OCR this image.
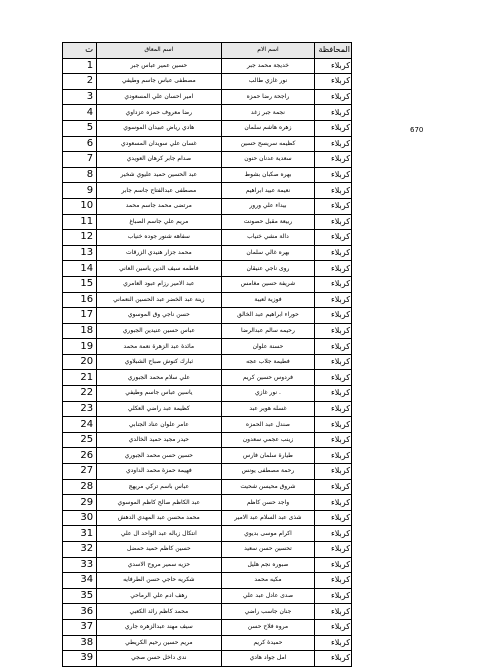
ت	اسم المعاق	اسم الام	المحافظة
1	حسين عمير عباس جبر	خديجة محمد جبر	كربلاء
2	مصطفى عباس جاسم وطيفي	نور غازي طالب	كربلاء
3	امير احسان علي المسعودي	راجحة رضا حمزه	كربلاء
4	رضا معروف حمزه عزداوي	نجمة جبر زغد	كربلاء
5	هادي رياض عبيدان الموسوي	زهره هاشم سلمان	كربلاء
6	غسان علي سويدان المسعودي	كظيمه سريسح حسين	كربلاء
7	صدام جابر كرهان العويدي	سعدية عدنان حنون	كربلاء
8	عبد الحسين حميد عليوي شخير	بهره صكبان بشوط	كربلاء
9	مصطفى عبدالفتاح جاسم جابر	نعيمة عبيد ابراهيم	كربلاء
10	مرتضى محمد جاسم محمد	بيداء علي ورور	كربلاء
11	مريم علي جاسم الصباغ	ربيعة مقبل حصونت	كربلاء
12	سفاهه شنور جوده خنياب	دالة مشي خنياب	كربلاء
13	محمد جزار هنيدي الزرقات	بهره غالي سلمان	كربلاء
14	فاطمه سيف الدين ياسين العاني	روى ناجي عنيقان	كربلاء
15	عبد الامير رزام عبود العامري	شريفة حسين مغامس	كربلاء
16	زينة عبد الخضر عبد الحسين النعماني	فوزية لعيبة	كربلاء
17	حسن ناجي وق الموسوي	حوراء ابراهيم عبد الخالق	كربلاء
18	عباس حسين عنيدين الجبوري	رحيمه سالم عبدالرضا	كربلاء
19	مائدة عبد الزهرة نعمة محمد	حسنة علوان	كربلاء
20	ثبارك كنوش صباح الشبلاوي	فطيمة جلاب عجه	كربلاء
21	علي سلام محمد الجبوري	فردوس حسين كريم	كربلاء
22	ياسين عباس جاسم وطيفي	نور غازي .	كربلاء
23	كظيمة عبد راضي العكلي	غسله هوير عبد	كربلاء
24	عامر علوان عناد الجنابي	صندل عبد الحمزه	كربلاء
25	حيدر مجيد حميد الخالدي	زينب عجمي سعدون	كربلاء
26	حسين حسن محمد الجبوري	طيارة سلمان فارس	كربلاء
27	فهيمة حمزة محمد الداودي	رحمة مصطفى يونس	كربلاء
28	عباس باسم تركي مريهج	شروق محيسن شحيت	كربلاء
29	عبد الكاظم صالح كاظم الموسوي	واجد حسن كاظم	كربلاء
30	محمد محسن عبد المهدي الدهش	شذى عبد السلام عبد الامير	كربلاء
31	انتكال زباله عبد الواحد ال علي	اكرام موسى بديوي	كربلاء
32	حسين كاظم حميد حمضل	تحسين حسن سعيد	كربلاء
33	حزيه سمير مروح الاسدي	صبوره نجم هليل	كربلاء
34	شكريه حاجي حسن الطرفايه	مكيه محمد	كربلاء
35	رهف ادم علي الرماحي	صدى عادل عبد علي	كربلاء
36	محمد كاظم رائد الكعبي	جنان جاسب راضي	كربلاء
37	سيف مهند عبدالزهره جاري	مروه فلاح حسن	كربلاء
38	مريم حسين رحيم الكريطي	حميدة كريم	كربلاء
39	ندى داخل حسن صجي	امل جواد هادي	كربلاء
670
